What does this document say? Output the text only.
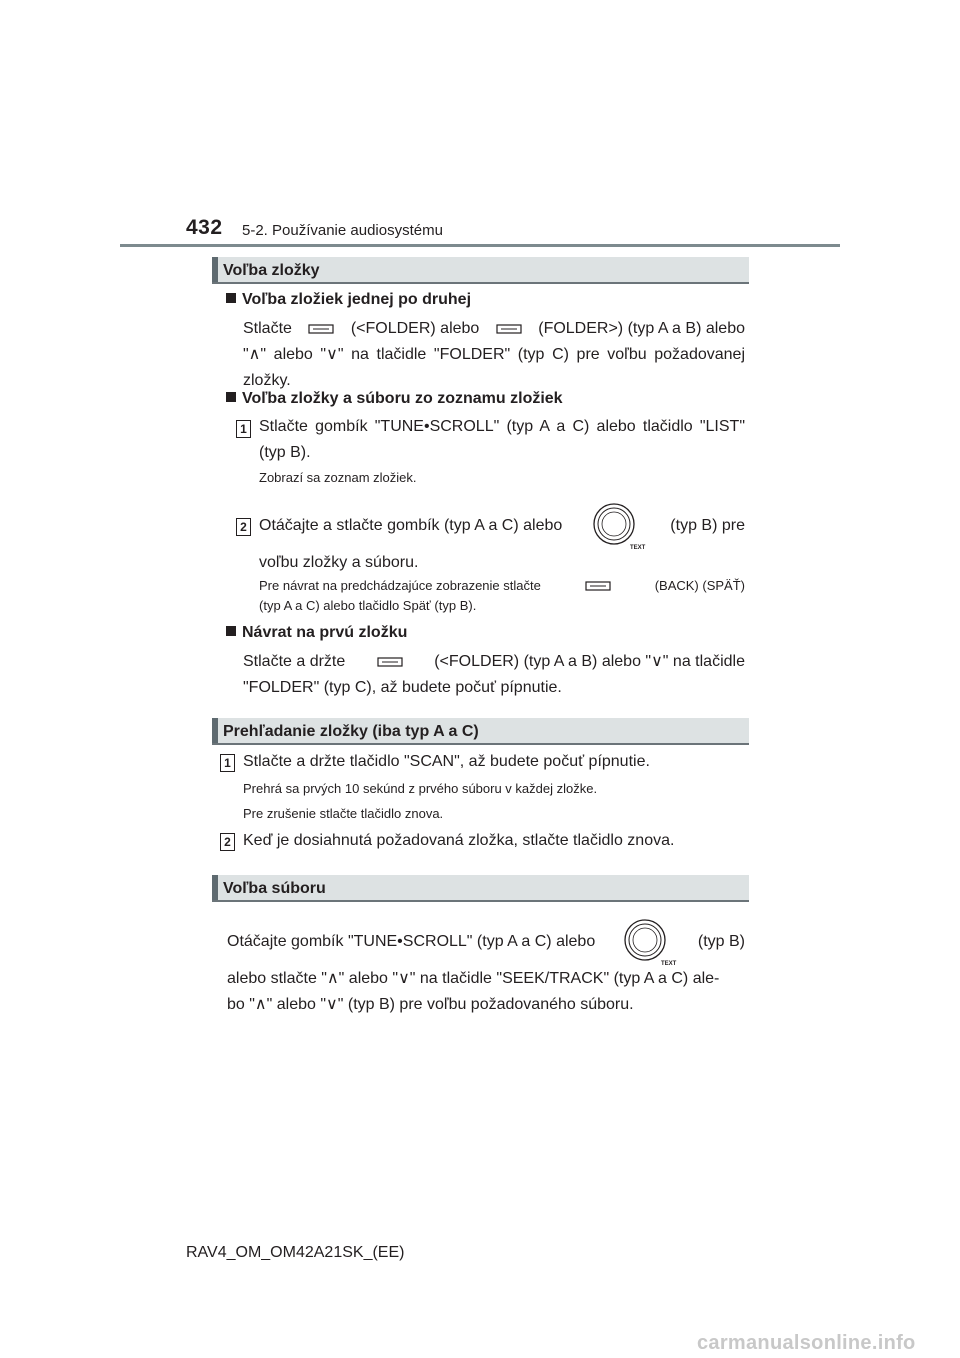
432 5-2. Používanie audiosystému
Voľba zložky
Voľba zložiek jednej po druhej
Stlačte	(<FOLDER) alebo	(FOLDER>) (typ A a B) alebo
"∧" alebo "∨" na tlačidle "FOLDER" (typ C) pre voľbu požadovanej zložky.
Voľba zložky a súboru zo zoznamu zložiek
1 Stlačte gombík "TUNE•SCROLL" (typ A a C) alebo tlačidlo "LIST" (typ B).
Zobrazí sa zoznam zložiek.
2 Otáčajte a stlačte gombík (typ A a C) alebo
TEXT
(typ B) pre
voľbu zložky a súboru.
Pre návrat na predchádzajúce zobrazenie stlačte	(BACK) (SPÄŤ)
(typ A a C) alebo tlačidlo Späť (typ B).
Návrat na prvú zložku
Stlačte a držte	(<FOLDER) (typ A a B) alebo "∨" na tlačidle
"FOLDER" (typ C), až budete počuť pípnutie.
Prehľadanie zložky (iba typ A a C)
1 Stlačte a držte tlačidlo "SCAN", až budete počuť pípnutie.
Prehrá sa prvých 10 sekúnd z prvého súboru v každej zložke.
Pre zrušenie stlačte tlačidlo znova.
2 Keď je dosiahnutá požadovaná zložka, stlačte tlačidlo znova.
Voľba súboru
Otáčajte gombík "TUNE•SCROLL" (typ A a C) alebo
TEXT
(typ B)
alebo stlačte "∧" alebo "∨" na tlačidle "SEEK/TRACK" (typ A a C) ale-
bo "∧" alebo "∨" (typ B) pre voľbu požadovaného súboru.
RAV4_OM_OM42A21SK_(EE)
carmanualsonline.info
